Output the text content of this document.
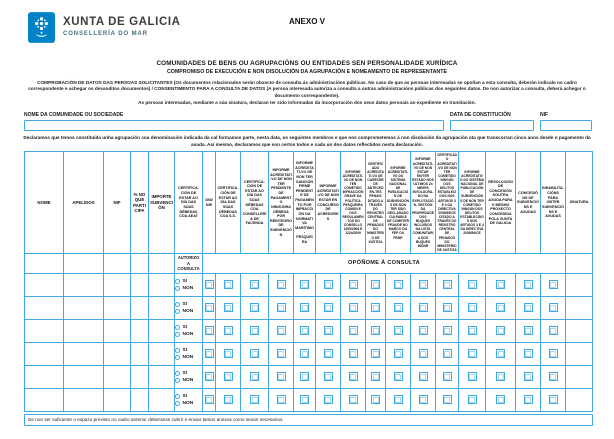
XUNTA DE GALICIA
CONSELLERÍA DO MAR
ANEXO V
COMUNIDADES DE BENS OU AGRUPACIÓNS OU ENTIDADES SEN PERSONALIDADE XURÍDICA
COMPROMISO DE EXECUCIÓN E NON DISOLUCIÓN DA AGRUPACIÓN E NOMEAMENTO DE REPRESENTANTE

COMPROBACIÓN DE DATOS DAS PERSOAS SOLICITANTES (Os documentos relacionados serán obxecto de consulta ás administracións públicas. No caso de que as persoas interesadas se opoñan a esta consulta, deberán indicalo no cadro correspondente e achegar os devanditos documentos) / CONSENTIMENTO PARA A CONSULTA DE DATOS (A persoa interesada autoriza a consulta a outras administracións públicas dos seguintes datos. De non autorizar a consulta, deberá achegar o documento correspondente).

As persoas interesadas, mediante a súa sinatura, declaran ter sido informadas da incorporación dos seus datos persoais ao expediente en tramitación.

NOME DA COMUNIDADE OU SOCIEDADE	DATA DE CONSTITUCIÓN	NIF
Declaramos que temos constituída unha agrupación coa denominación indicada da cal formamos parte, nesta data, os seguintes membros e que nos comprometemos á non disolución da agrupación ata que transcorran cinco anos desde o pagamento da axuda. Así mesmo, declaramos que son certos todos e cada un dos datos reflectidos nesta declaración.
NOME	APELIDOS	NIF	% NO QUE PARTICIPA	IMPORTE SUBVENCIÓN	CERTIFICA-CIÓN DE ESTAR AO DÍA DAS SÚAS DÉBEDAS COA AEAT	DNI/NIE	CERTIFICA-CIÓN DE ESTAR AO DÍA DAS SÚAS DÉBEDAS COA S.S.	CERTIFICA-CIÓN DE ESTAR AO DÍA DAS SÚAS DÉBEDAS COA CONSELLERÍA DE FACENDA	INFORME ACREDITATI-VO DE NON TER PENDENTE DE PAGAMENTO NINGUNHA DÉBEDA POR REINTEGRO DE SUBVENCIÓN	INFORME ACREDITATI-VO DE NON TER SANCIÓN FIRME PENDENTE DE PAGAMENTO POR INFRACCIÓN DA NORMATIVA MARÍTIMO-PESQUEIRA	INFORME ACREDITATI-VO DE NON ESTAR EN CONCURSO DE ACREDORES	INFORME ACREDITATI-VO DE NON TER COMETIDO INFRACCIÓN GRAVE DA POLÍTICA PESQUEIRA COMÚN E DOS REGULAMEN-TOS DO CONSELLO 1005/2008 E 1224/2009	CERTIFICADO ACREDITATI-VO DE CARECER DE ANTECEDEN-TES PENAIS DITADO A TRAVÉS DO REXISTRO CENTRAL DE PENADOS DO MINISTERIO DE XUSTIZA	INFORME ACREDITATI-VO DO SISTEMA NACIONAL DE PUBLICACIÓN DE SUBVENCIÓNS DE NON TER SIDO DECLARADO CULPABLE DE COMETER FRAUDE NO MARCO DO FEP OU FEMP	INFORME ACREDITATI-VO DE NON ESTAR EN/TER ESTADO NOS ÚLTIMOS 24 MESES INVOLUCRA-DO NA EXPLOTACIÓN, XESTIÓN DA PROPIEDADE DOS BUQUES INCLUÍDOS NA LISTA COMUNITARIA DOS BUQUES INDNR	CERTIFICADO ACREDITATI-VO DE NON TER COMETIDO NINGÚN DOS DELITOS ESTABLECIDOS NOS ARTIGOS 3 E 4 DA DIRECTIVA 2008/99/CE DITADO A TRAVÉS DO REXISTRO CENTRAL DE PENADOS DO MINISTERIO DE XUSTIZA	INFORME ACREDITATIVO DO SISTEMA NACIONAL DE PUBLICACIÓN DE SUBVENCIÓNS DE NON TER COMETIDO NINGÚN DOS DELITOS ESTABLECIDOS NOS ARTIGOS 3 E 4 DA DIRECTIVA 2008/99/CE	RESOLUCIÓN DE CONCESIÓN DOUTRA AXUDA PARA O MESMO PROXECTO CONCEDIDA POLA XUNTA DE GALICIA	CONCESIÓNS DE SUBVENCIÓNS E AXUDAS	INHABILITA-CIÓNS PARA OBTER SUBVENCIÓNS E AXUDAS	SINATURA
					AUTORIZO A CONSULTA	OPÓÑOME Á CONSULTA															

					SI
NON																

					SI
NON																

					SI
NON																

					SI
NON																

					SI
NON																

					SI
NON																

De non ser suficiente o espazo previsto no cadro anterior deberanse cubrir e enviar tantos anexos como sexan necesarios.
